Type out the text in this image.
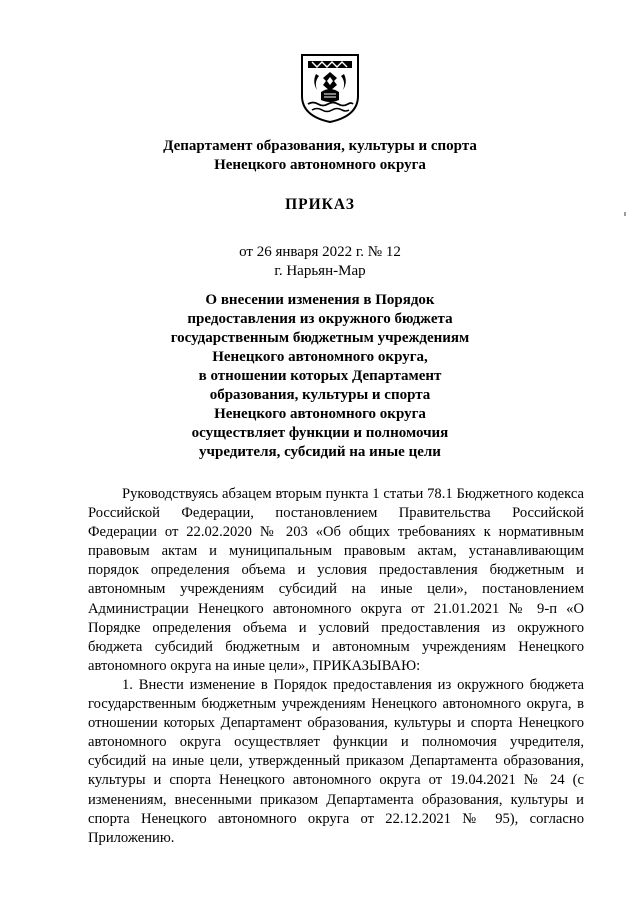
Департамент образования, культуры и спорта
Ненецкого автономного округа
ПРИКАЗ
от 26 января 2022 г. № 12
г. Нарьян-Мар
О внесении изменения в Порядок
предоставления из окружного бюджета
государственным бюджетным учреждениям
Ненецкого автономного округа,
в отношении которых Департамент
образования, культуры и спорта
Ненецкого автономного округа
осуществляет функции и полномочия
учредителя, субсидий на иные цели

Руководствуясь абзацем вторым пункта 1 статьи 78.1 Бюджетного кодекса Российской Федерации, постановлением Правительства Российской Федерации от 22.02.2020 № 203 «Об общих требованиях к нормативным правовым актам и муниципальным правовым актам, устанавливающим порядок определения объема и условия предоставления бюджетным и автономным учреждениям субсидий на иные цели», постановлением Администрации Ненецкого автономного округа от 21.01.2021 № 9-п «О Порядке определения объема и условий предоставления из окружного бюджета субсидий бюджетным и автономным учреждениям Ненецкого автономного округа на иные цели», ПРИКАЗЫВАЮ:

1. Внести изменение в Порядок предоставления из окружного бюджета государственным бюджетным учреждениям Ненецкого автономного округа, в отношении которых Департамент образования, культуры и спорта Ненецкого автономного округа осуществляет функции и полномочия учредителя, субсидий на иные цели, утвержденный приказом Департамента образования, культуры и спорта Ненецкого автономного округа от 19.04.2021 № 24 (с изменениям, внесенными приказом Департамента образования, культуры и спорта Ненецкого автономного округа от 22.12.2021 № 95), согласно Приложению.
